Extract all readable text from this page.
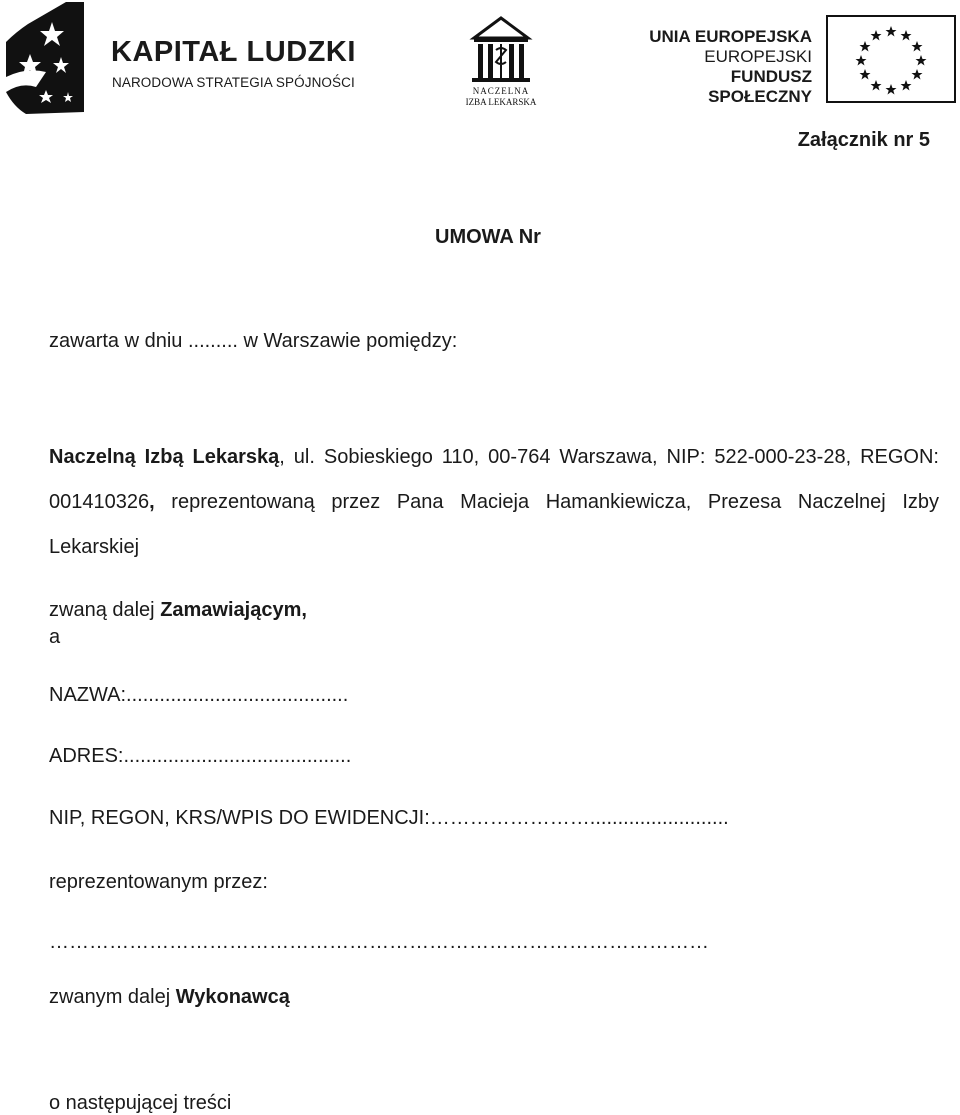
KAPITAŁ LUDZKI
NARODOWA STRATEGIA SPÓJNOŚCI
NACZELNA
IZBA LEKARSKA
UNIA EUROPEJSKA
EUROPEJSKI
FUNDUSZ SPOŁECZNY
Załącznik nr 5
UMOWA Nr
zawarta w dniu ......... w Warszawie pomiędzy:
Naczelną Izbą Lekarską, ul. Sobieskiego 110, 00-764 Warszawa, NIP: 522-000-23-28, REGON: 001410326, reprezentowaną przez Pana Macieja Hamankiewicza, Prezesa Naczelnej Izby Lekarskiej
zwaną dalej Zamawiającym,
a
NAZWA:........................................
ADRES:.........................................
NIP, REGON, KRS/WPIS DO EWIDENCJI:…………………….........................
reprezentowanym przez:
………………………………………………………………………………………
zwanym dalej Wykonawcą
o następującej treści
